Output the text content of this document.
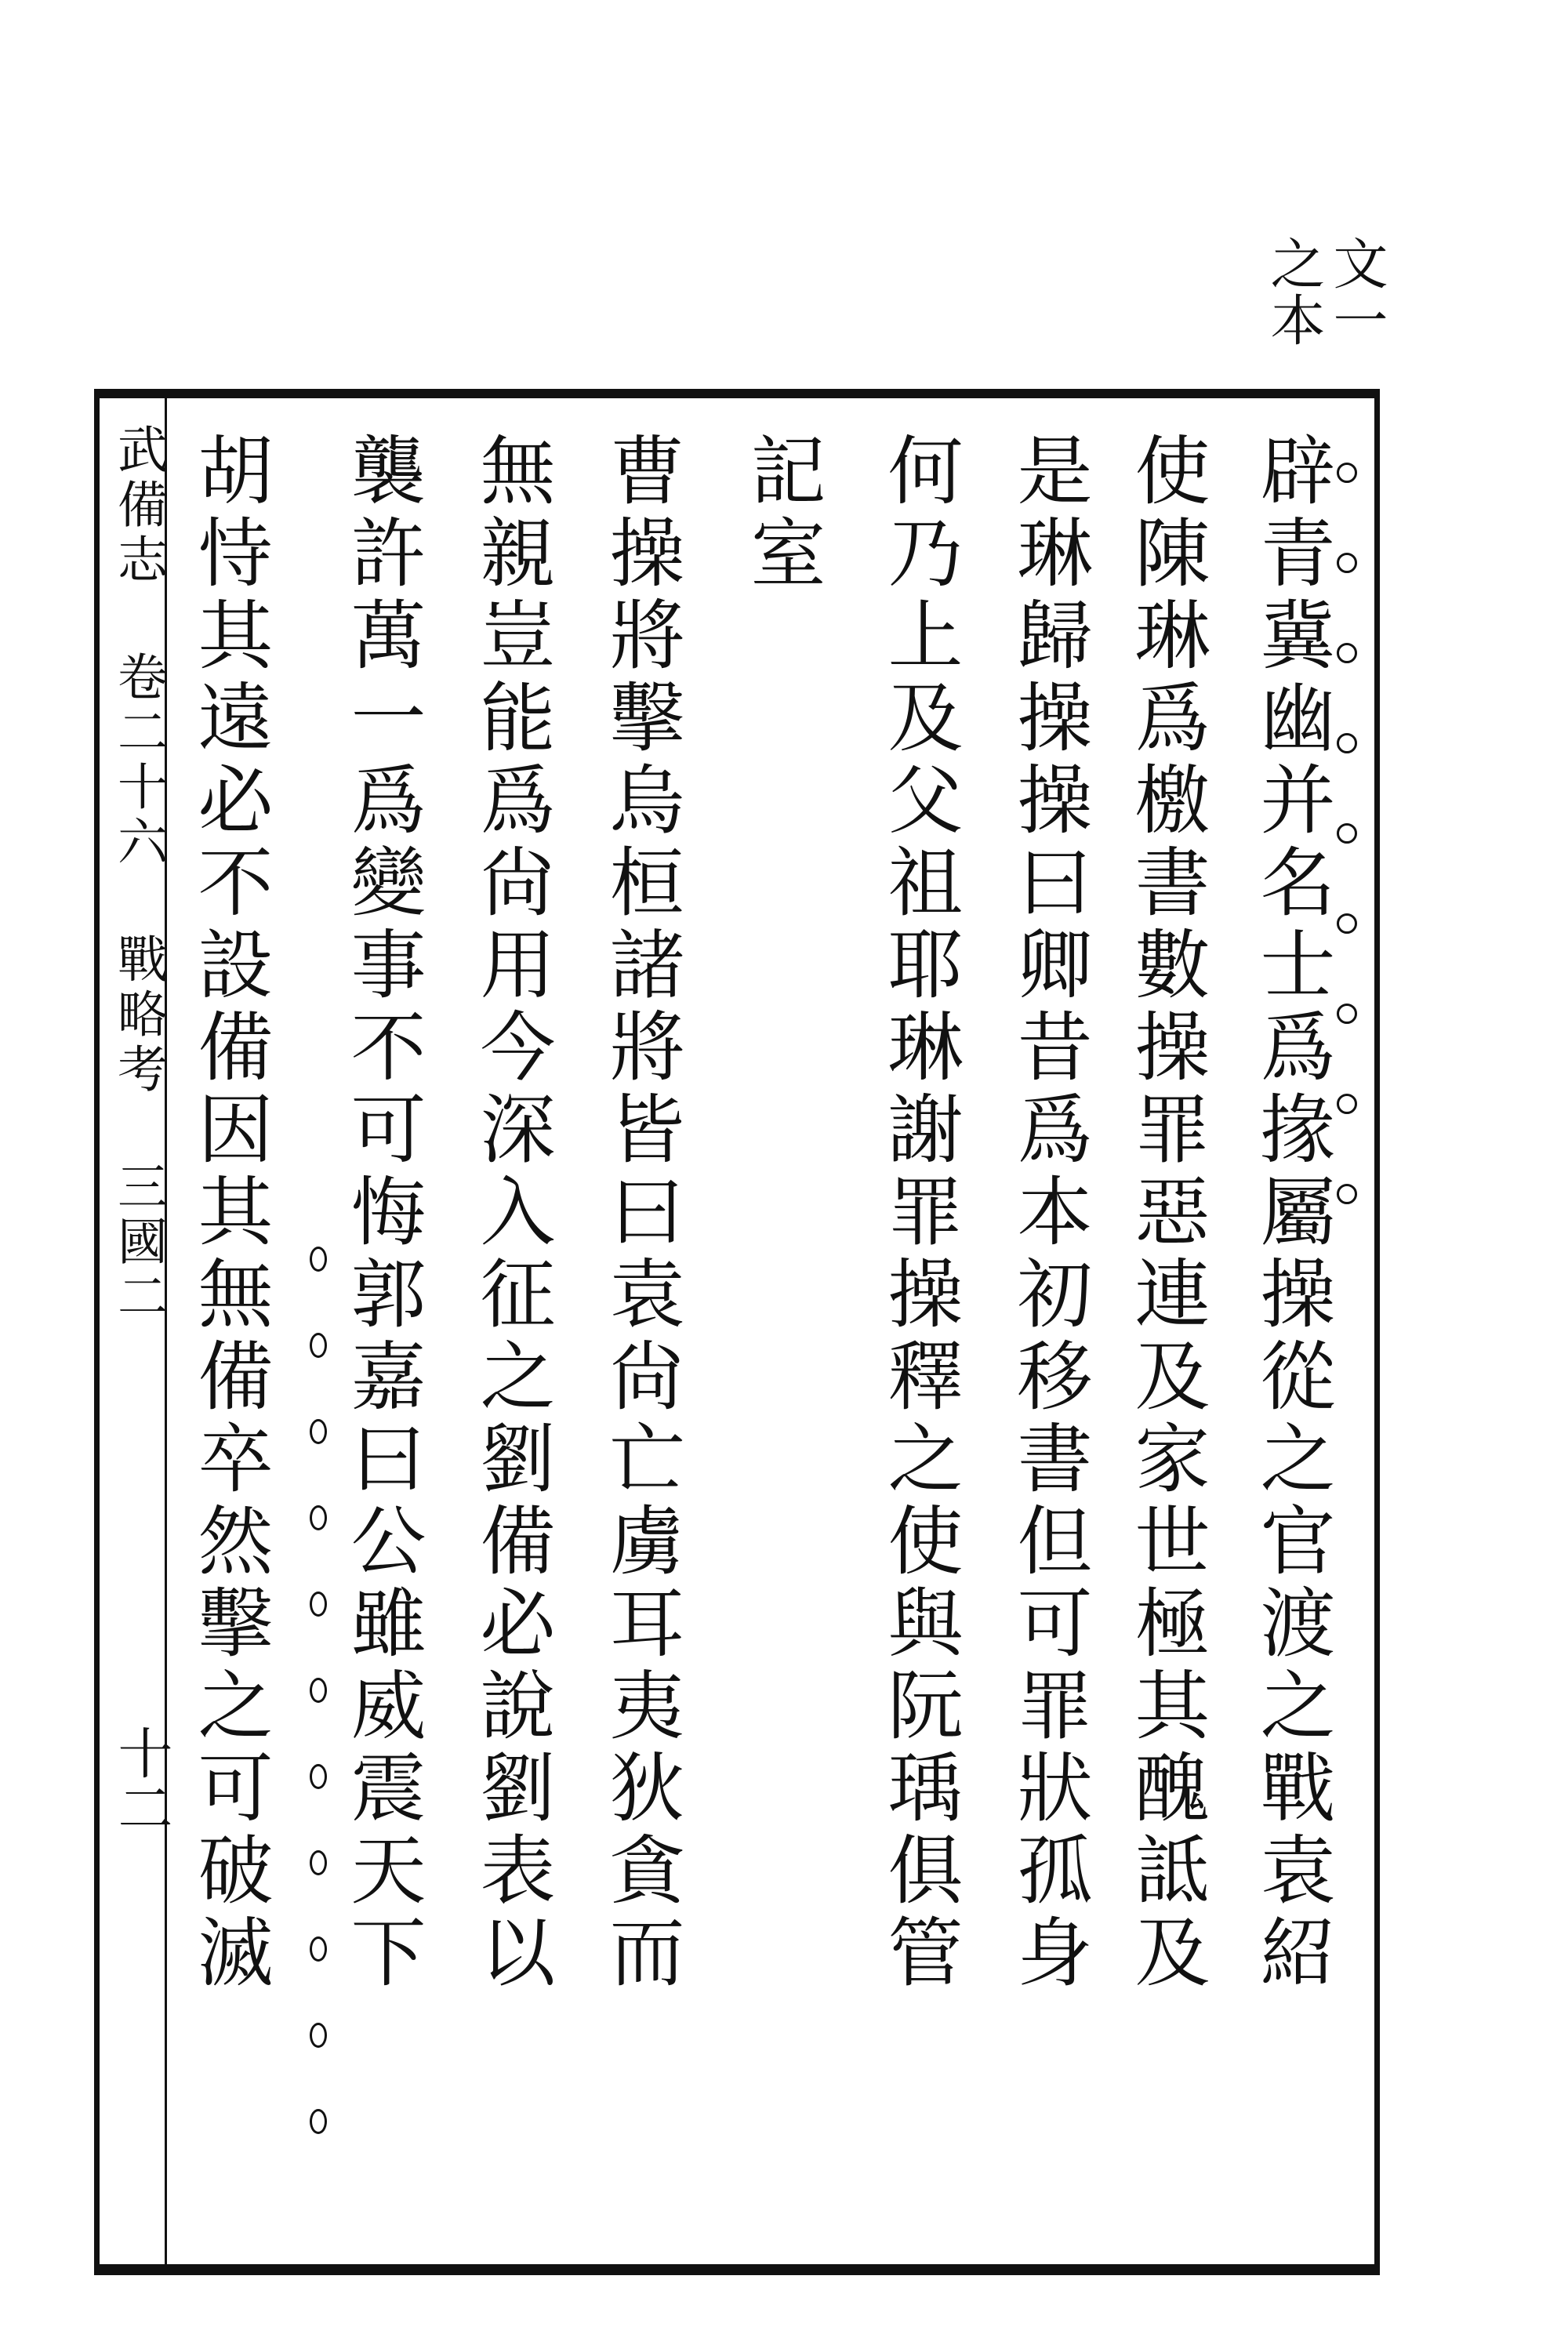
文一
之本
辟青冀幽并名士爲掾屬操從之官渡之戰袁紹
使陳琳爲檄書數操罪惡連及家世極其醜詆及
是琳歸操操曰卿昔爲本初移書但可罪狀孤身
何乃上及父祖耶琳謝罪操釋之使與阮瑀俱管
記室
曹操將擊烏桓諸將皆曰袁尙亡虜耳夷狄貪而
無親豈能爲尙用今深入征之劉備必說劉表以
襲許萬一爲變事不可悔郭嘉曰公雖威震天下
胡恃其遠必不設備因其無備卒然擊之可破滅
武備志 卷二十六 戰略考 三國二
十二
